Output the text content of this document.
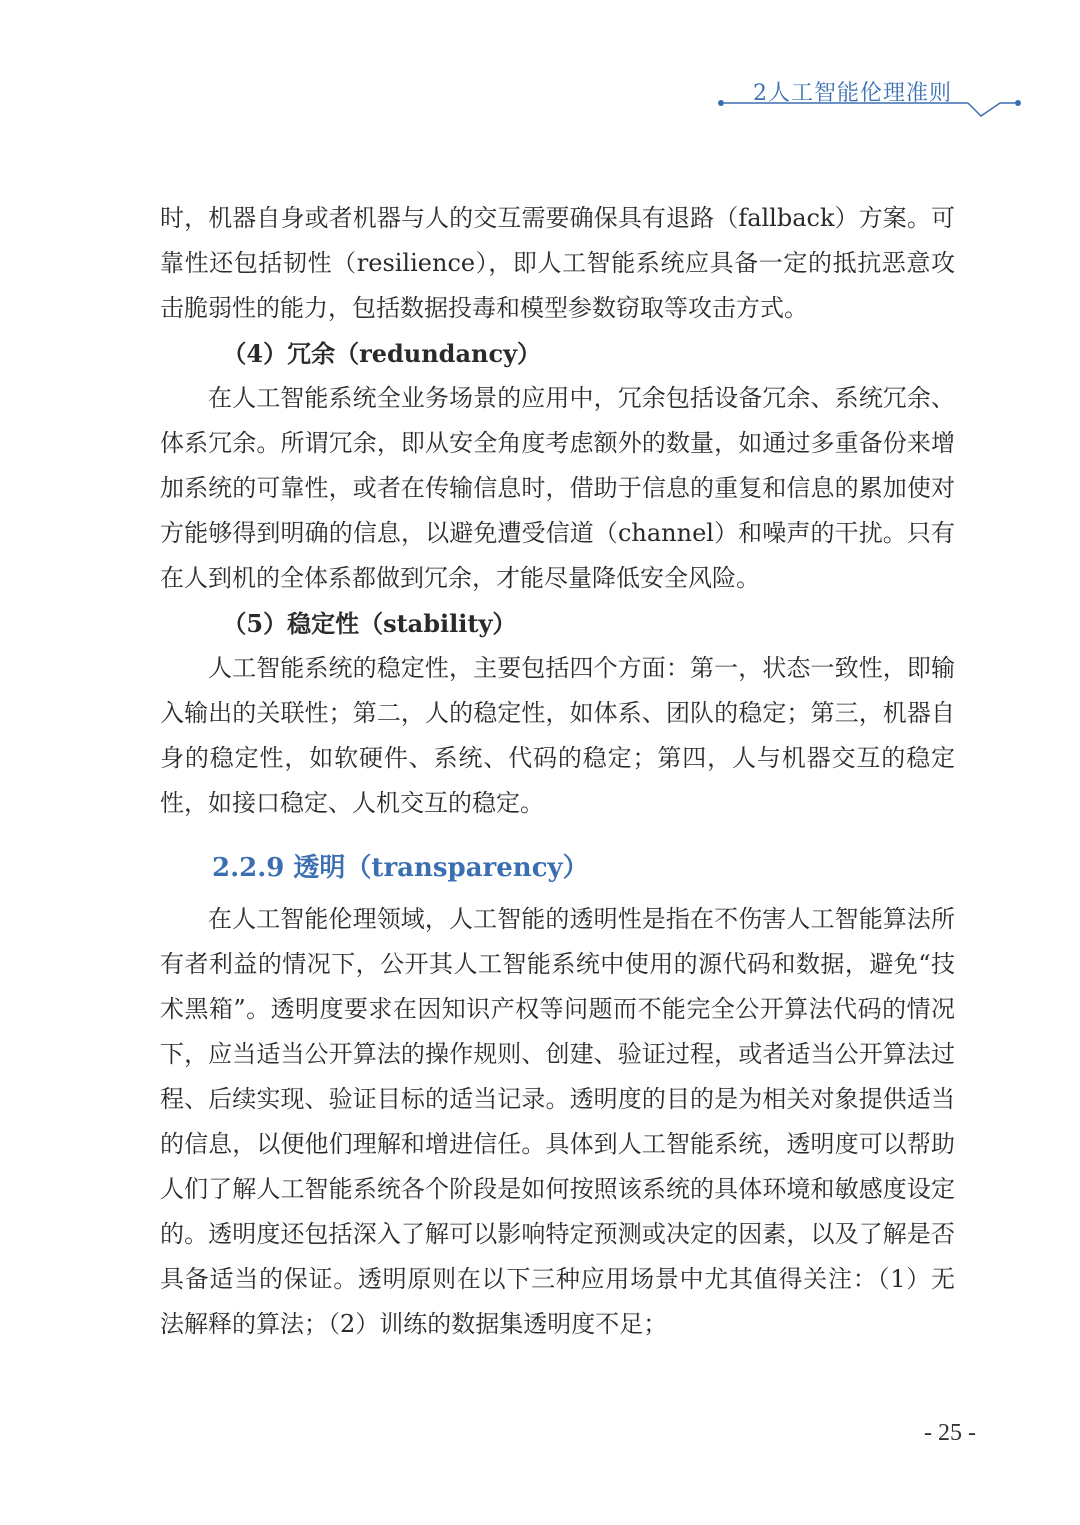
2人工智能伦理准则

时，机器自身或者机器与人的交互需要确保具有退路（fallback）方案。可靠性还包括韧性（resilience），即人工智能系统应具备一定的抵抗恶意攻击脆弱性的能力，包括数据投毒和模型参数窃取等攻击方式。

（4）冗余（redundancy）

在人工智能系统全业务场景的应用中，冗余包括设备冗余、系统冗余、体系冗余。所谓冗余，即从安全角度考虑额外的数量，如通过多重备份来增加系统的可靠性，或者在传输信息时，借助于信息的重复和信息的累加使对方能够得到明确的信息，以避免遭受信道（channel）和噪声的干扰。只有在人到机的全体系都做到冗余，才能尽量降低安全风险。

（5）稳定性（stability）

人工智能系统的稳定性，主要包括四个方面：第一，状态一致性，即输入输出的关联性；第二，人的稳定性，如体系、团队的稳定；第三，机器自身的稳定性，如软硬件、系统、代码的稳定；第四，人与机器交互的稳定性，如接口稳定、人机交互的稳定。

2.2.9 透明（transparency）

在人工智能伦理领域，人工智能的透明性是指在不伤害人工智能算法所有者利益的情况下，公开其人工智能系统中使用的源代码和数据，避免“技术黑箱”。透明度要求在因知识产权等问题而不能完全公开算法代码的情况下，应当适当公开算法的操作规则、创建、验证过程，或者适当公开算法过程、后续实现、验证目标的适当记录。透明度的目的是为相关对象提供适当的信息，以便他们理解和增进信任。具体到人工智能系统，透明度可以帮助人们了解人工智能系统各个阶段是如何按照该系统的具体环境和敏感度设定的。透明度还包括深入了解可以影响特定预测或决定的因素，以及了解是否具备适当的保证。透明原则在以下三种应用场景中尤其值得关注：（1）无法解释的算法；（2）训练的数据集透明度不足；

- 25 -
